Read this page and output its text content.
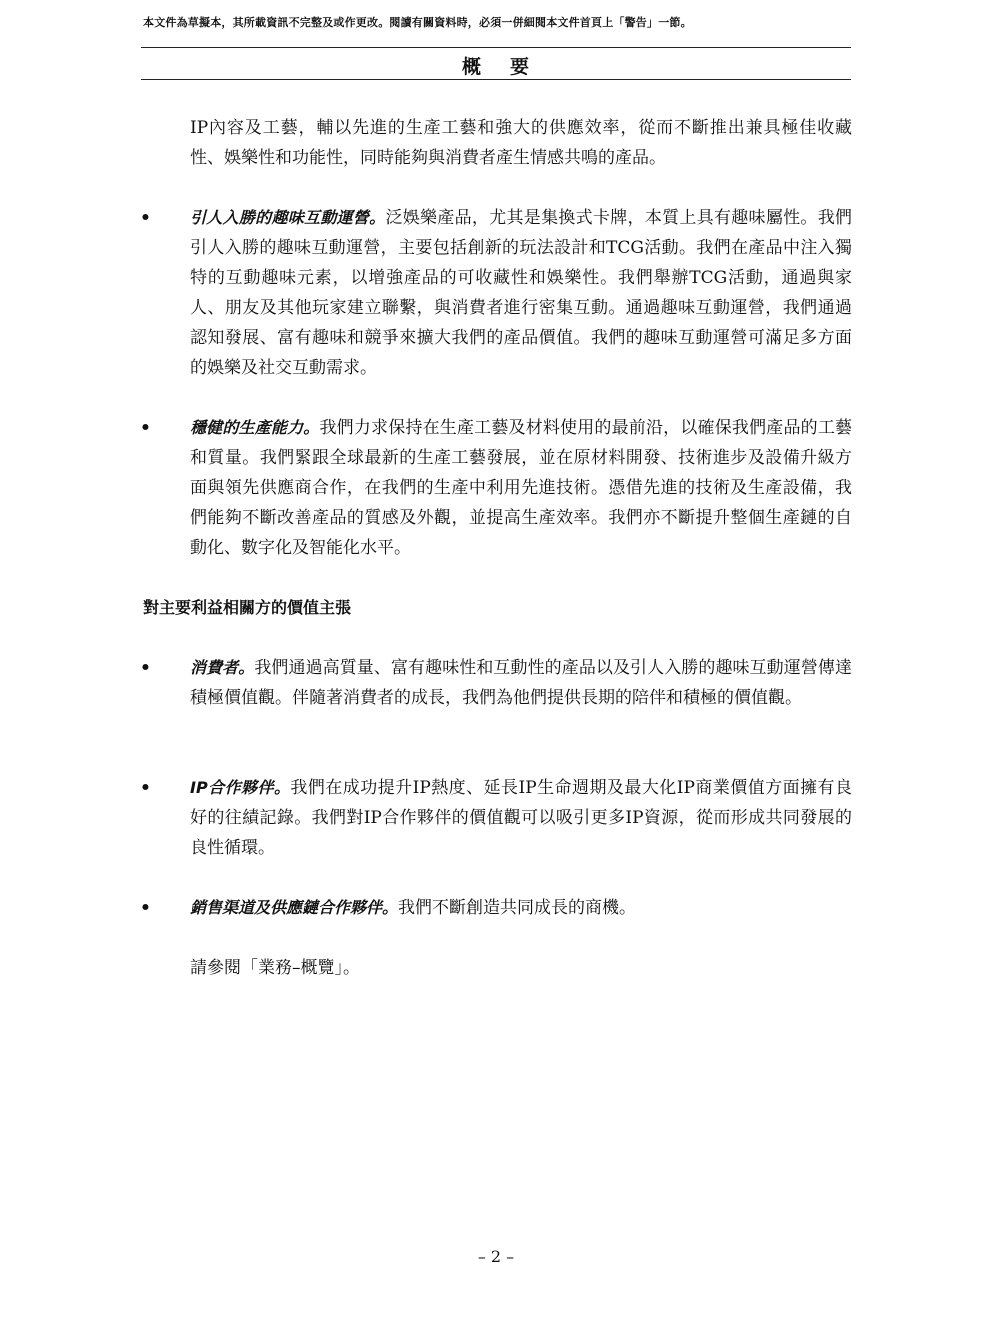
本文件為草擬本，其所載資訊不完整及或作更改。閱讀有關資料時，必須一併細閱本文件首頁上「警告」一節。
概 要
IP內容及工藝，輔以先進的生產工藝和強大的供應效率，從而不斷推出兼具極佳收藏性、娛樂性和功能性，同時能夠與消費者產生情感共鳴的產品。
• 引人入勝的趣味互動運營。泛娛樂產品，尤其是集換式卡牌，本質上具有趣味屬性。我們引人入勝的趣味互動運營，主要包括創新的玩法設計和TCG活動。我們在產品中注入獨特的互動趣味元素，以增強產品的可收藏性和娛樂性。我們舉辦TCG活動，通過與家人、朋友及其他玩家建立聯繫，與消費者進行密集互動。通過趣味互動運營，我們通過認知發展、富有趣味和競爭來擴大我們的產品價值。我們的趣味互動運營可滿足多方面的娛樂及社交互動需求。
• 穩健的生產能力。我們力求保持在生產工藝及材料使用的最前沿，以確保我們產品的工藝和質量。我們緊跟全球最新的生產工藝發展，並在原材料開發、技術進步及設備升級方面與領先供應商合作，在我們的生產中利用先進技術。憑借先進的技術及生產設備，我們能夠不斷改善產品的質感及外觀，並提高生產效率。我們亦不斷提升整個生產鏈的自動化、數字化及智能化水平。
對主要利益相關方的價值主張
• 消費者。我們通過高質量、富有趣味性和互動性的產品以及引人入勝的趣味互動運營傳達積極價值觀。伴隨著消費者的成長，我們為他們提供長期的陪伴和積極的價值觀。
• IP合作夥伴。我們在成功提升IP熱度、延長IP生命週期及最大化IP商業價值方面擁有良好的往績記錄。我們對IP合作夥伴的價值觀可以吸引更多IP資源，從而形成共同發展的良性循環。
• 銷售渠道及供應鏈合作夥伴。我們不斷創造共同成長的商機。
請參閱「業務–概覽」。
– 2 –
